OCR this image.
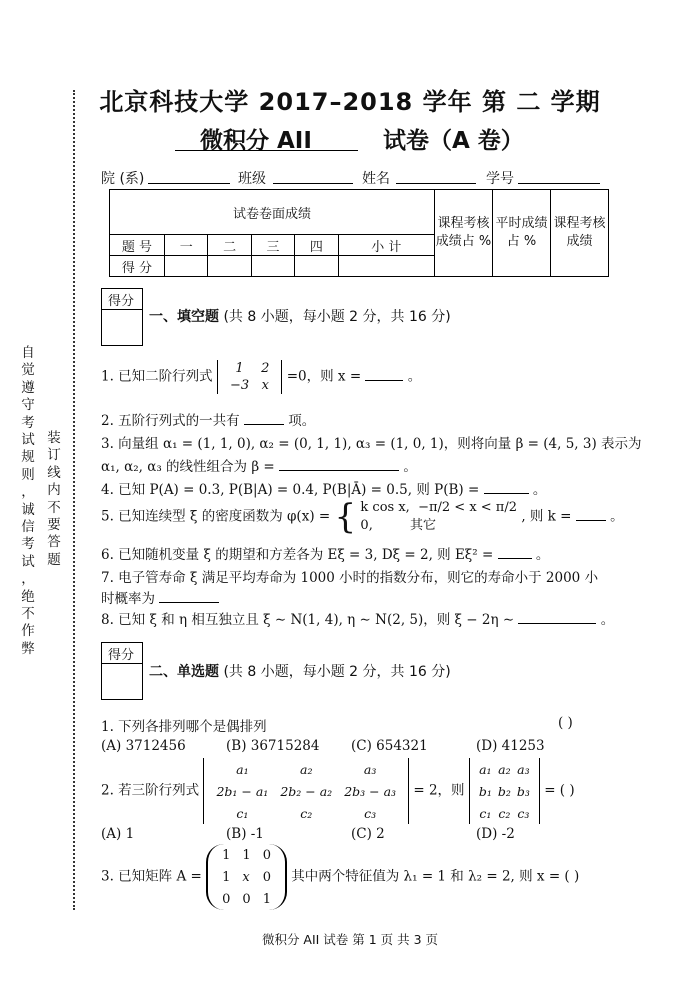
自
觉
遵
守
考
试
规
则
，
诚
信
考
试
，
绝
不
作
弊
装
订
线
内
不
要
答
题
北京科技大学 2017–2018 学年 第 二 学期
微积分 AII	试卷（A 卷）
院 (系)	班级	姓名	学号
试卷卷面成绩						课程考核成绩占 %	平时成绩占 %	课程考核成绩
题 号	一	二	三	四	小 计			
得 分								
得分
一、填空题 (共 8 小题，每小题 2 分，共 16 分)
1. 已知二阶行列式 1	2
−3	x
=0，则 x =	。
2. 五阶行列式的一共有	项。
3. 向量组 α₁ = (1, 1, 0), α₂ = (0, 1, 1), α₃ = (1, 0, 1)，则将向量 β = (4, 5, 3) 表示为
α₁, α₂, α₃ 的线性组合为 β =	。
4. 已知 P(A) = 0.3, P(B|A) = 0.4, P(B|Ā) = 0.5, 则 P(B) =	。
5. 已知连续型 ξ 的密度函数为 φ(x) = { k cos x, −π/2 < x < π/2
0,	其它 , 则 k =	。
6. 已知随机变量 ξ 的期望和方差各为 Eξ = 3, Dξ = 2, 则 Eξ² =	。
7. 电子管寿命 ξ 满足平均寿命为 1000 小时的指数分布，则它的寿命小于 2000 小
时概率为
8. 已知 ξ 和 η 相互独立且 ξ ∼ N(1, 4), η ∼ N(2, 5)，则 ξ − 2η ∼	。
得分
二、单选题 (共 8 小题，每小题 2 分，共 16 分)
1. 下列各排列哪个是偶排列	( )
(A) 3712456	(B) 36715284 (C) 654321	(D) 41253
2. 若三阶行列式
a₁	a₂	a₃
2b₁ − a₁	2b₂ − a₂	2b₃ − a₃
c₁	c₂	c₃
= 2，则
a₁	a₂	a₃
b₁	b₂	b₃
c₁	c₂	c₃
= ( )
(A) 1	(B) -1	(C) 2	(D) -2
3. 已知矩阵 A =
1	1	0
1	x	0
0	0	1
其中两个特征值为 λ₁ = 1 和 λ₂ = 2, 则 x = ( )
微积分 AII 试卷 第 1 页 共 3 页
